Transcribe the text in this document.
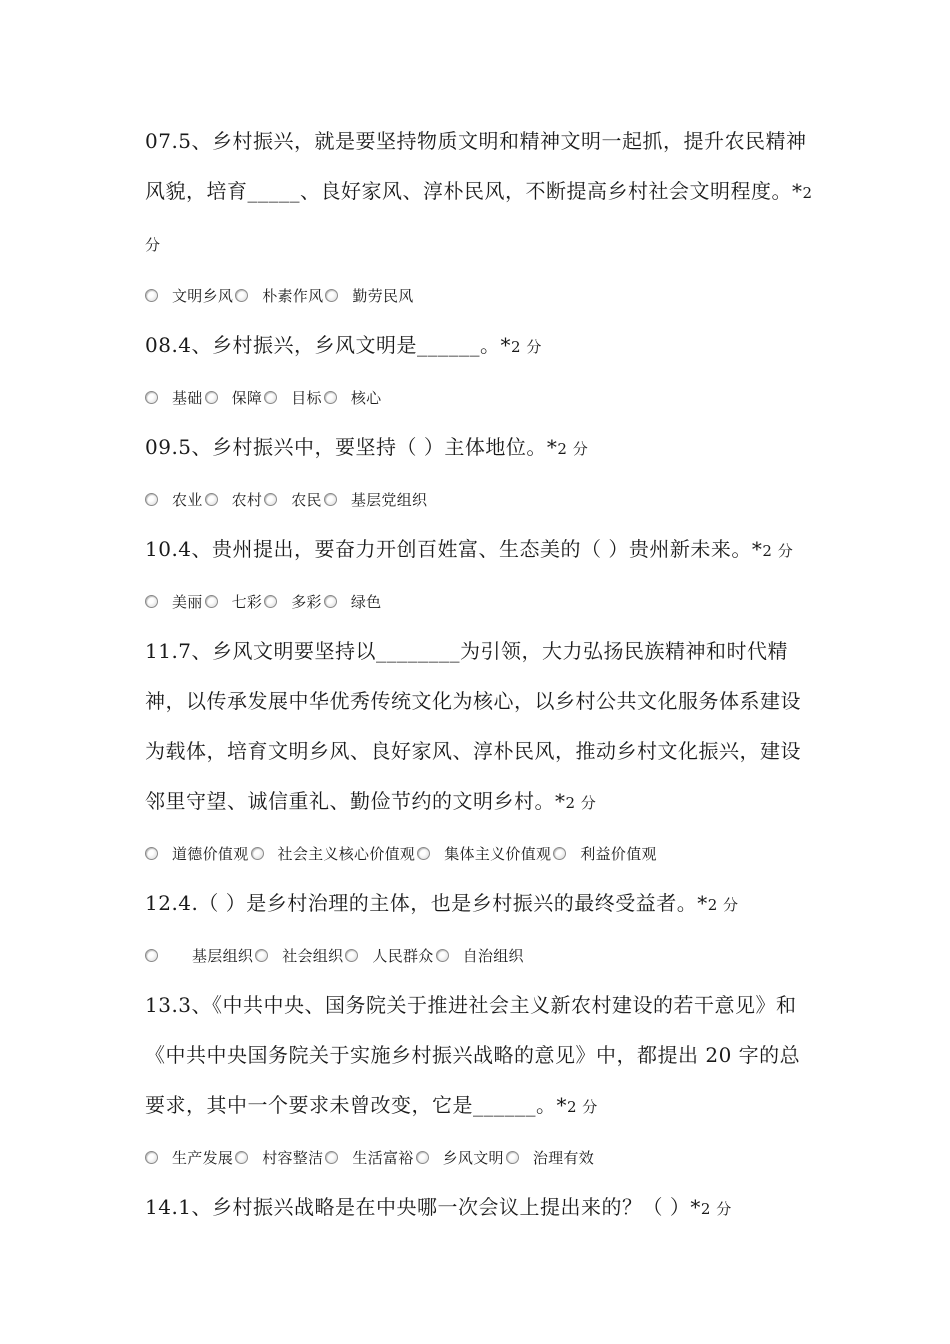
07.5、乡村振兴，就是要坚持物质文明和精神文明一起抓，提升农民精神风貌，培育_____、良好家风、淳朴民风，不断提高乡村社会文明程度。*2 分

文明乡风 朴素作风 勤劳民风

08.4、乡村振兴，乡风文明是______。*2 分

基础 保障 目标 核心

09.5、乡村振兴中，要坚持（ ）主体地位。*2 分

农业 农村 农民 基层党组织

10.4、贵州提出，要奋力开创百姓富、生态美的（ ）贵州新未来。*2 分

美丽 七彩 多彩 绿色

11.7、乡风文明要坚持以________为引领，大力弘扬民族精神和时代精神，以传承发展中华优秀传统文化为核心，以乡村公共文化服务体系建设为载体，培育文明乡风、良好家风、淳朴民风，推动乡村文化振兴，建设邻里守望、诚信重礼、勤俭节约的文明乡村。*2 分

道德价值观 社会主义核心价值观 集体主义价值观 利益价值观

12.4.（ ）是乡村治理的主体，也是乡村振兴的最终受益者。*2 分

基层组织 社会组织 人民群众 自治组织

13.3、《中共中央、国务院关于推进社会主义新农村建设的若干意见》和《中共中央国务院关于实施乡村振兴战略的意见》中，都提出 20 字的总要求，其中一个要求未曾改变，它是______。*2 分

生产发展 村容整洁 生活富裕 乡风文明 治理有效

14.1、乡村振兴战略是在中央哪一次会议上提出来的？（ ）*2 分
